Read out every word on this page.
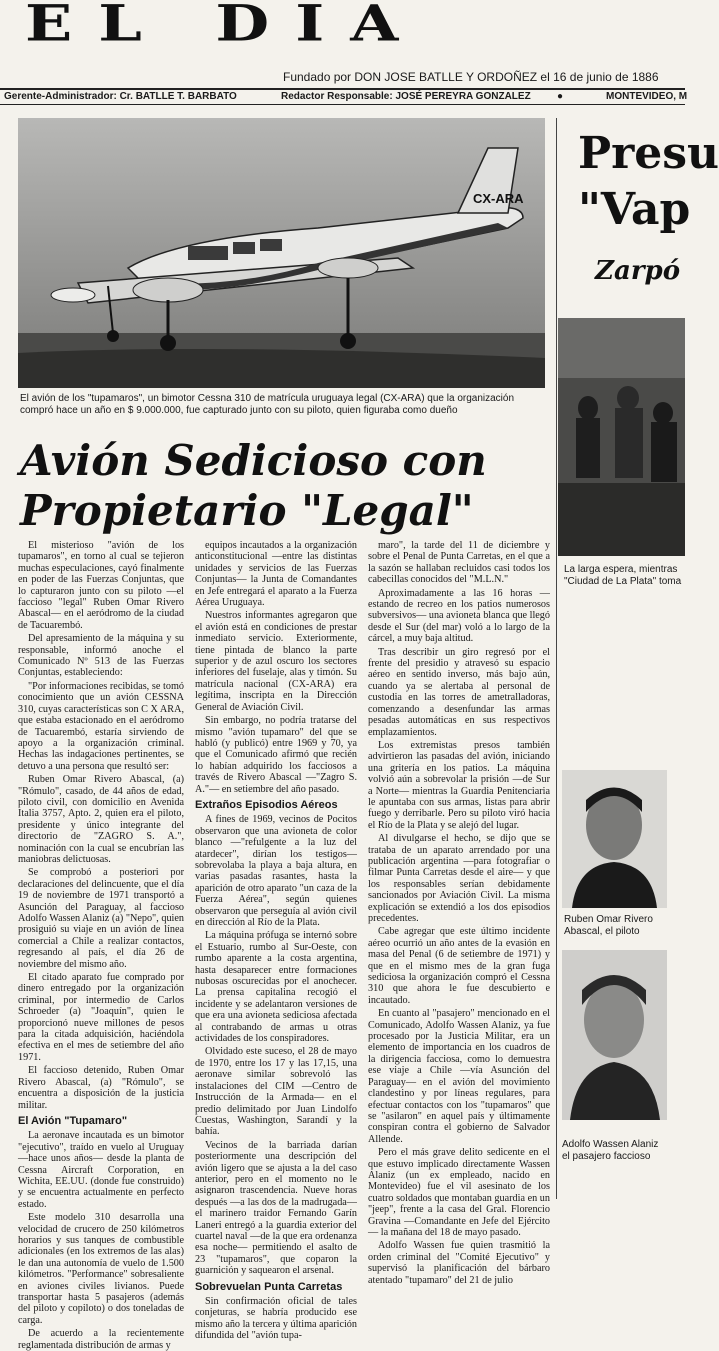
EL DIA
Fundado por DON JOSE BATLLE Y ORDOÑEZ el 16 de junio de 1886
Gerente-Administrador: Cr. BATLLE T. BARBATO	Redactor Responsable: JOSÉ PEREYRA GONZALEZ	●	MONTEVIDEO, M
CX-ARA
El avión de los "tupamaros", un bimotor Cessna 310 de matrícula uruguaya legal (CX-ARA) que la organización compró hace un año en $ 9.000.000, fue capturado junto con su piloto, quien figuraba como dueño
Avión Sedicioso con
Propietario "Legal"

El misterioso "avión de los tupamaros", en torno al cual se tejieron muchas especulaciones, cayó finalmente en poder de las Fuerzas Conjuntas, que lo capturaron junto con su piloto —el faccioso "legal" Ruben Omar Rivero Abascal— en el aeródromo de la ciudad de Tacuarembó.

Del apresamiento de la máquina y su responsable, informó anoche el Comunicado Nº 513 de las Fuerzas Conjuntas, estableciendo:

"Por informaciones recibidas, se tomó conocimiento que un avión CESSNA 310, cuyas características son C X ARA, que estaba estacionado en el aeródromo de Tacuarembó, estaría sirviendo de apoyo a la organización criminal. Hechas las indagaciones pertinentes, se detuvo a una persona que resultó ser:

Ruben Omar Rivero Abascal, (a) "Rómulo", casado, de 44 años de edad, piloto civil, con domicilio en Avenida Italia 3757, Apto. 2, quien era el piloto, presidente y único integrante del directorio de "ZAGRO S. A.", nominación con la cual se encubrían las maniobras delictuosas.

Se comprobó a posteriori por declaraciones del delincuente, que el día 19 de noviembre de 1971 transportó a Asunción del Paraguay, al faccioso Adolfo Wassen Alaniz (a) "Nepo", quien prosiguió su viaje en un avión de línea comercial a Chile a realizar contactos, regresando al país, el día 26 de noviembre del mismo año.

El citado aparato fue comprado por dinero entregado por la organización criminal, por intermedio de Carlos Schroeder (a) "Joaquín", quien le proporcionó nueve millones de pesos para la citada adquisición, haciéndola efectiva en el mes de setiembre del año 1971.

El faccioso detenido, Ruben Omar Rivero Abascal, (a) "Rómulo", se encuentra a disposición de la justicia militar.

El Avión "Tupamaro"

La aeronave incautada es un bimotor "ejecutivo", traído en vuelo al Uruguay —hace unos años— desde la planta de Cessna Aircraft Corporation, en Wichita, EE.UU. (donde fue construido) y se encuentra actualmente en perfecto estado.

Este modelo 310 desarrolla una velocidad de crucero de 250 kilómetros horarios y sus tanques de combustible adicionales (en los extremos de las alas) le dan una autonomía de vuelo de 1.500 kilómetros. "Performance" sobresaliente en aviones civiles livianos. Puede transportar hasta 5 pasajeros (además del piloto y copiloto) o dos toneladas de carga.

De acuerdo a la recientemente reglamentada distribución de armas y

equipos incautados a la organización anticonstitucional —entre las distintas unidades y servicios de las Fuerzas Conjuntas— la Junta de Comandantes en Jefe entregará el aparato a la Fuerza Aérea Uruguaya.

Nuestros informantes agregaron que el avión está en condiciones de prestar inmediato servicio. Exteriormente, tiene pintada de blanco la parte superior y de azul oscuro los sectores inferiores del fuselaje, alas y timón. Su matrícula nacional (CX-ARA) era legítima, inscripta en la Dirección General de Aviación Civil.

Sin embargo, no podría tratarse del mismo "avión tupamaro" del que se habló (y publicó) entre 1969 y 70, ya que el Comunicado afirmó que recién lo habían adquirido los facciosos a través de Rivero Abascal —"Zagro S. A."— en setiembre del año pasado.

Extraños Episodios Aéreos

A fines de 1969, vecinos de Pocitos observaron que una avioneta de color blanco —"refulgente a la luz del atardecer", dirían los testigos— sobrevolaba la playa a baja altura, en varias pasadas rasantes, hasta la aparición de otro aparato "un caza de la Fuerza Aérea", según quienes observaron que perseguía al avión civil en dirección al Río de la Plata.

La máquina prófuga se internó sobre el Estuario, rumbo al Sur-Oeste, con rumbo aparente a la costa argentina, hasta desaparecer entre formaciones nubosas oscurecidas por el anochecer. La prensa capitalina recogió el incidente y se adelantaron versiones de que era una avioneta sediciosa afectada al contrabando de armas u otras actividades de los conspiradores.

Olvidado este suceso, el 28 de mayo de 1970, entre los 17 y las 17,15, una aeronave similar sobrevoló las instalaciones del CIM —Centro de Instrucción de la Armada— en el predio delimitado por Juan Lindolfo Cuestas, Washington, Sarandí y la bahía.

Vecinos de la barriada darían posteriormente una descripción del avión ligero que se ajusta a la del caso anterior, pero en el momento no le asignaron trascendencia. Nueve horas después —a las dos de la madrugada— el marinero traidor Fernando Garín Laneri entregó a la guardia exterior del cuartel naval —de la que era ordenanza esa noche— permitiendo el asalto de 23 "tupamaros", que coparon la guarnición y saquearon el arsenal.

Sobrevuelan Punta Carretas

Sin confirmación oficial de tales conjeturas, se habría producido ese mismo año la tercera y última aparición difundida del "avión tupa-

maro", la tarde del 11 de diciembre y sobre el Penal de Punta Carretas, en el que a la sazón se hallaban recluidos casi todos los cabecillas conocidos del "M.L.N."

Aproximadamente a las 16 horas —estando de recreo en los patios numerosos subversivos— una avioneta blanca que llegó desde el Sur (del mar) voló a lo largo de la cárcel, a muy baja altitud.

Tras describir un giro regresó por el frente del presidio y atravesó su espacio aéreo en sentido inverso, más bajo aún, cuando ya se alertaba al personal de custodia en las torres de ametralladoras, comenzando a desenfundar las armas pesadas automáticas en sus respectivos emplazamientos.

Los extremistas presos también advirtieron las pasadas del avión, iniciando una gritería en los patios. La máquina volvió aún a sobrevolar la prisión —de Sur a Norte— mientras la Guardia Penitenciaria le apuntaba con sus armas, listas para abrir fuego y derribarle. Pero su piloto viró hacia el Río de la Plata y se alejó del lugar.

Al divulgarse el hecho, se dijo que se trataba de un aparato arrendado por una publicación argentina —para fotografiar o filmar Punta Carretas desde el aire— y que los responsables serían debidamente sancionados por Aviación Civil. La misma explicación se extendió a los dos episodios precedentes.

Cabe agregar que este último incidente aéreo ocurrió un año antes de la evasión en masa del Penal (6 de setiembre de 1971) y que en el mismo mes de la gran fuga sediciosa la organización compró el Cessna 310 que ahora le fue descubierto e incautado.

En cuanto al "pasajero" mencionado en el Comunicado, Adolfo Wassen Alaniz, ya fue procesado por la Justicia Militar, era un elemento de importancia en los cuadros de la dirigencia facciosa, como lo demuestra ese viaje a Chile —vía Asunción del Paraguay— en el avión del movimiento clandestino y por líneas regulares, para efectuar contactos con los "tupamaros" que se "asilaron" en aquel país y últimamente conspiran contra el gobierno de Salvador Allende.

Pero el más grave delito sedicente en el que estuvo implicado directamente Wassen Alaniz (un ex empleado, nacido en Montevideo) fue el vil asesinato de los cuatro soldados que montaban guardia en un "jeep", frente a la casa del Gral. Florencio Gravina —Comandante en Jefe del Ejército— la mañana del 18 de mayo pasado.

Adolfo Wassen fue quien trasmitió la orden criminal del "Comité Ejecutivo" y supervisó la planificación del bárbaro atentado "tupamaro" del 21 de julio

Presu
"Vap
Zarpó
La larga espera, mientras
"Ciudad de La Plata" toma
Ruben Omar Rivero
Abascal, el piloto
Adolfo Wassen Alaniz
el pasajero faccioso
